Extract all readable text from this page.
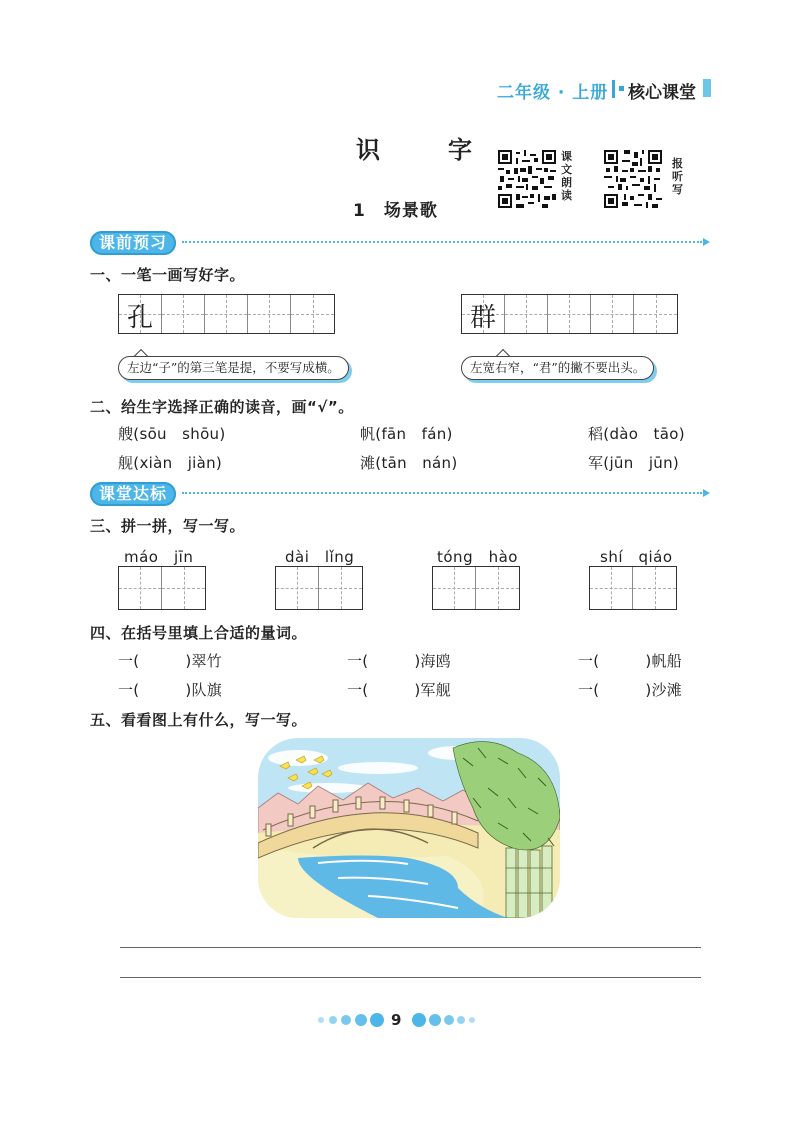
二年级 · 上册 核心课堂
识　字
1　场景歌
课文朗读
报听写
课前预习
一、一笔一画写好字。
孔	群
左边“子”的第三笔是提，不要写成横。	左宽右窄，“君”的撇不要出头。
二、给生字选择正确的读音，画“√”。
艘(sōu　shōu)	帆(fān　fán)	稻(dào　tāo)
舰(xiàn　jiàn)	滩(tān　nán)	军(jūn　jūn)
课堂达标
三、拼一拼，写一写。
máo　jīn	dài　lǐng	tóng　hào	shí　qiáo
四、在括号里填上合适的量词。
一(　　　)翠竹	一(　　　)海鸥	一(　　　)帆船
一(　　　)队旗	一(　　　)军舰	一(　　　)沙滩
五、看看图上有什么，写一写。
9
